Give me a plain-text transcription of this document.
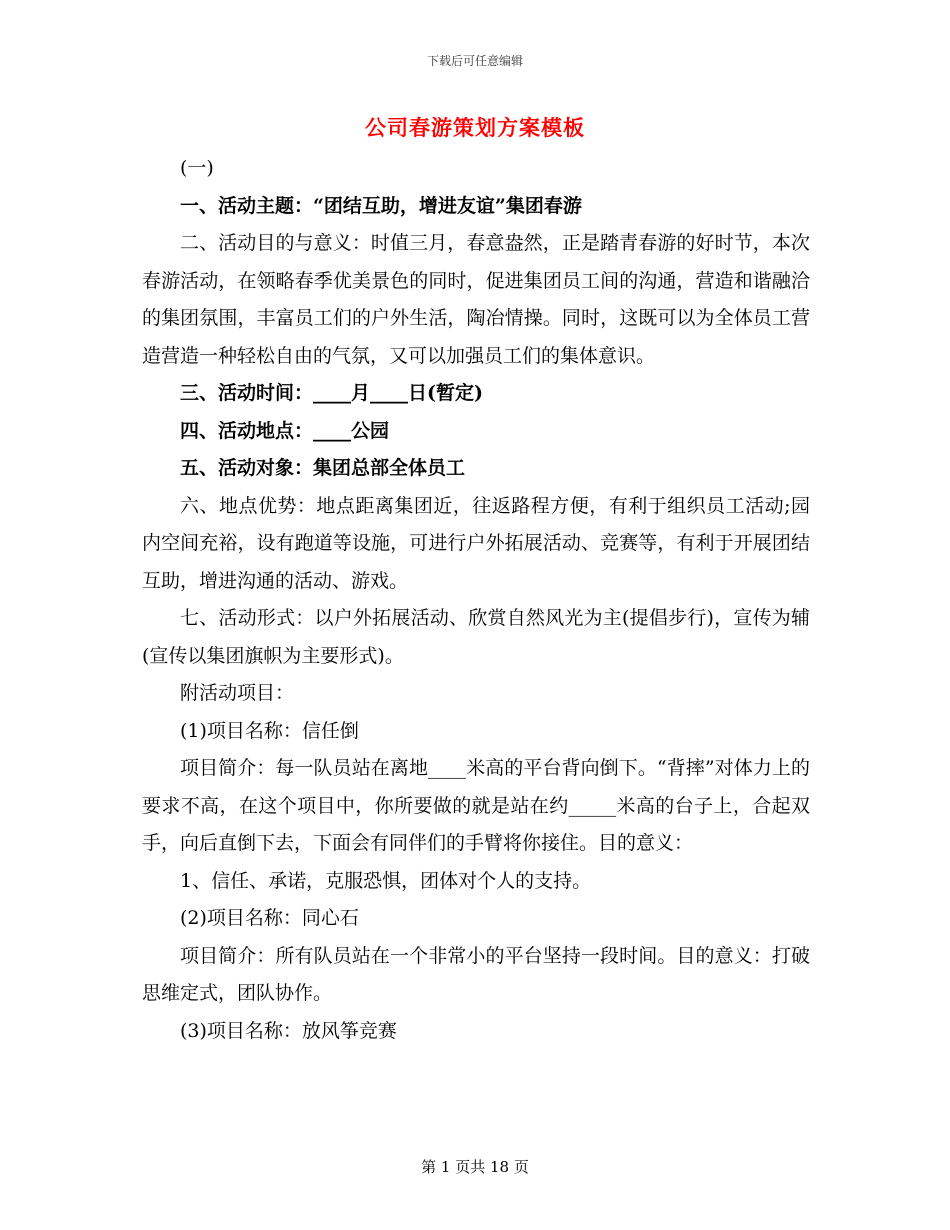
下载后可任意编辑
公司春游策划方案模板

(一)

一、活动主题：“团结互助，增进友谊”集团春游

二、活动目的与意义：时值三月，春意盎然，正是踏青春游的好时节，本次春游活动，在领略春季优美景色的同时，促进集团员工间的沟通，营造和谐融洽的集团氛围，丰富员工们的户外生活，陶冶情操。同时，这既可以为全体员工营造营造一种轻松自由的气氛，又可以加强员工们的集体意识。

三、活动时间：____月____日(暂定)

四、活动地点：____公园

五、活动对象：集团总部全体员工

六、地点优势：地点距离集团近，往返路程方便，有利于组织员工活动;园内空间充裕，设有跑道等设施，可进行户外拓展活动、竞赛等，有利于开展团结互助，增进沟通的活动、游戏。

七、活动形式：以户外拓展活动、欣赏自然风光为主(提倡步行)，宣传为辅(宣传以集团旗帜为主要形式)。

附活动项目：

(1)项目名称：信任倒

项目简介：每一队员站在离地____米高的平台背向倒下。“背摔”对体力上的要求不高，在这个项目中，你所要做的就是站在约_____米高的台子上，合起双手，向后直倒下去，下面会有同伴们的手臂将你接住。目的意义：

1、信任、承诺，克服恐惧，团体对个人的支持。

(2)项目名称：同心石

项目简介：所有队员站在一个非常小的平台坚持一段时间。目的意义：打破思维定式，团队协作。

(3)项目名称：放风筝竞赛

第 1 页共 18 页
